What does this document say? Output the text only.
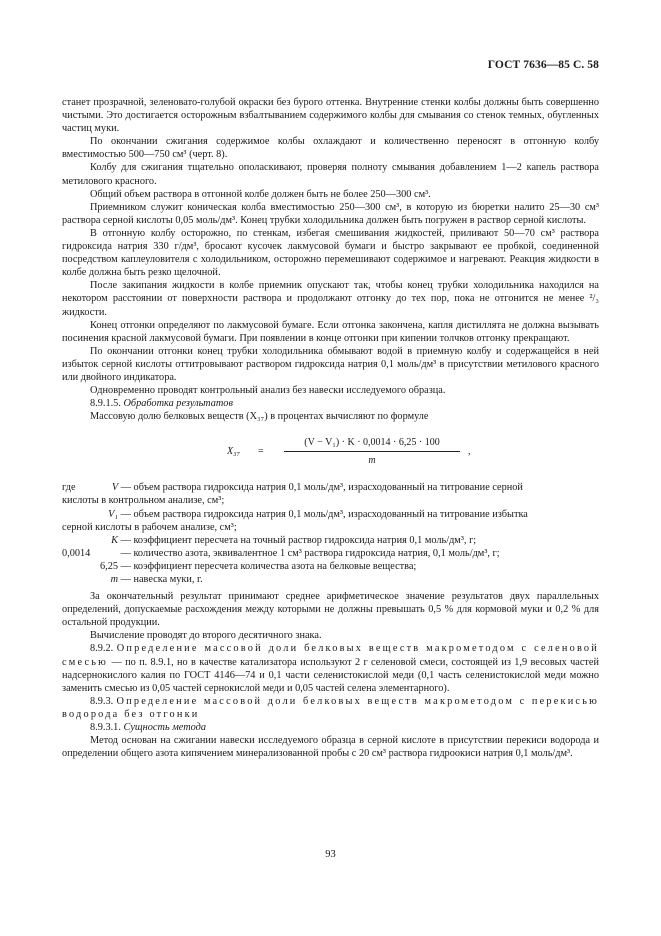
ГОСТ 7636—85 С. 58

станет прозрачной, зеленовато-голубой окраски без бурого оттенка. Внутренние стенки колбы должны быть совершенно чистыми. Это достигается осторожным взбалтыванием содержимого колбы для смывания со стенок темных, обугленных частиц муки.

По окончании сжигания содержимое колбы охлаждают и количественно переносят в отгонную колбу вместимостью 500—750 см³ (черт. 8).

Колбу для сжигания тщательно ополаскивают, проверяя полноту смывания добавлением 1—2 капель раствора метилового красного.

Общий объем раствора в отгонной колбе должен быть не более 250—300 см³.

Приемником служит коническая колба вместимостью 250—300 см³, в которую из бюретки налито 25—30 см³ раствора серной кислоты 0,05 моль/дм³. Конец трубки холодильника должен быть погружен в раствор серной кислоты.

В отгонную колбу осторожно, по стенкам, избегая смешивания жидкостей, приливают 50—70 см³ раствора гидроксида натрия 330 г/дм³, бросают кусочек лакмусовой бумаги и быстро закрывают ее пробкой, соединенной посредством каплеуловителя с холодильником, осторожно перемешивают содержимое и нагревают. Реакция жидкости в колбе должна быть резко щелочной.

После закипания жидкости в колбе приемник опускают так, чтобы конец трубки холодильника находился на некотором расстоянии от поверхности раствора и продолжают отгонку до тех пор, пока не отгонится не менее ²/₃ жидкости.

Конец отгонки определяют по лакмусовой бумаге. Если отгонка закончена, капля дистиллята не должна вызывать посинения красной лакмусовой бумаги. При появлении в конце отгонки при кипении толчков отгонку прекращают.

По окончании отгонки конец трубки холодильника обмывают водой в приемную колбу и содержащейся в ней избыток серной кислоты оттитровывают раствором гидроксида натрия 0,1 моль/дм³ в присутствии метилового красного или двойного индикатора.

Одновременно проводят контрольный анализ без навески исследуемого образца.

8.9.1.5. Обработка результатов

Массовую долю белковых веществ (X₃₇) в процентах вычисляют по формуле

X₃₇ =
(V − V₁) · K · 0,0014 · 6,25 · 100
m
,
где	V — объем раствора гидроксида натрия 0,1 моль/дм³, израсходованный на титрование серной
кислоты в контрольном анализе, см³;
V₁ — объем раствора гидроксида натрия 0,1 моль/дм³, израсходованный на титрование избытка
серной кислоты в рабочем анализе, см³;
K — коэффициент пересчета на точный раствор гидроксида натрия 0,1 моль/дм³, г;
0,0014	— количество азота, эквивалентное 1 см³ раствора гидроксида натрия, 0,1 моль/дм³, г;
6,25 — коэффициент пересчета количества азота на белковые вещества;
m — навеска муки, г.

За окончательный результат принимают среднее арифметическое значение результатов двух параллельных определений, допускаемые расхождения между которыми не должны превышать 0,5 % для кормовой муки и 0,2 % для остальной продукции.

Вычисление проводят до второго десятичного знака.

8.9.2. Определение массовой доли белковых веществ макрометодом с селеновой смесью — по п. 8.9.1, но в качестве катализатора используют 2 г селеновой смеси, состоящей из 1,9 весовых частей надсернокислого калия по ГОСТ 4146—74 и 0,1 части селенистокислой меди (0,1 часть селенистокислой меди можно заменить смесью из 0,05 частей сернокислой меди и 0,05 частей селена элементарного).

8.9.3. Определение массовой доли белковых веществ макрометодом с перекисью водорода без отгонки

8.9.3.1. Сущность метода

Метод основан на сжигании навески исследуемого образца в серной кислоте в присутствии перекиси водорода и определении общего азота кипячением минерализованной пробы с 20 см³ раствора гидроокиси натрия 0,1 моль/дм³.

93
